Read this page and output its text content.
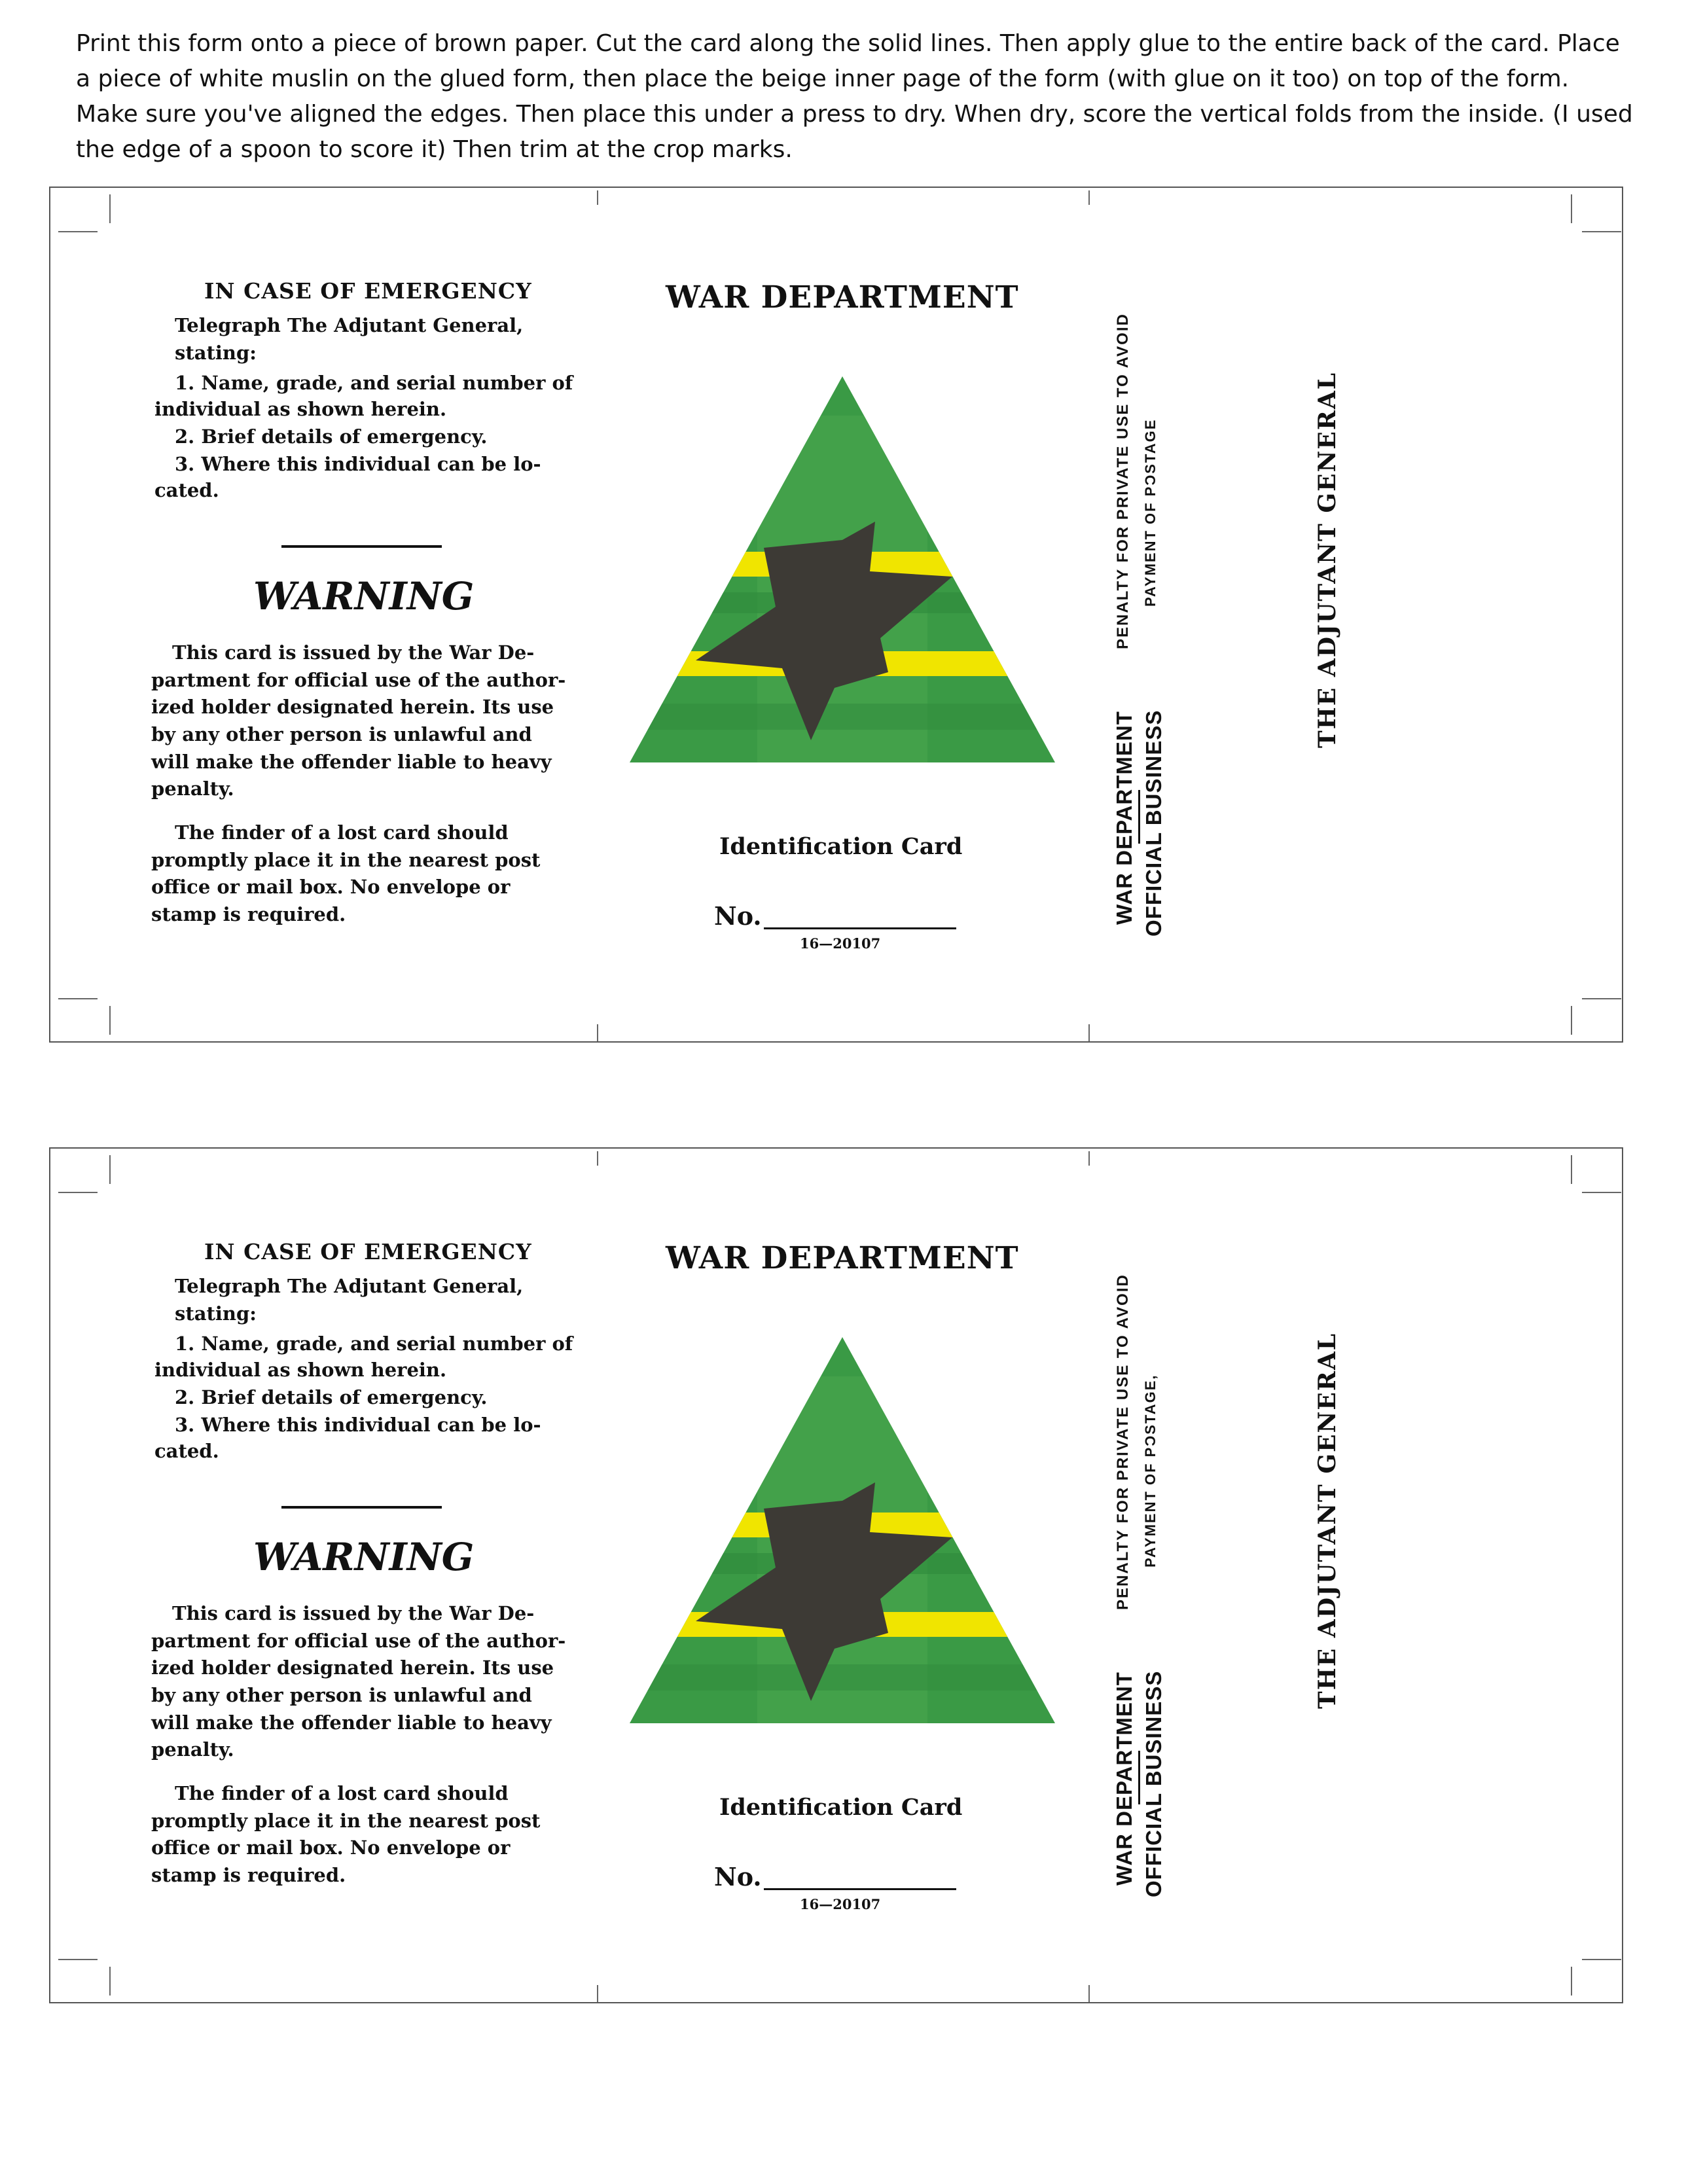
Print this form onto a piece of brown paper. Cut the card along the solid lines. Then apply glue to the entire back of the card. Place a piece of white muslin on the glued form, then place the beige inner page of the form (with glue on it too) on top of the form. Make sure you've aligned the edges. Then place this under a press to dry. When dry, score the vertical folds from the inside. (I used the edge of a spoon to score it) Then trim at the crop marks.
IN CASE OF EMERGENCY
Telegraph The Adjutant General,
stating:
1. Name, grade, and serial number of
individual as shown herein.
2. Brief details of emergency.
3. Where this individual can be lo-
cated.
WARNING
This card is issued by the War De-
partment for official use of the author-
ized holder designated herein. Its use
by any other person is unlawful and
will make the offender liable to heavy
penalty.
The finder of a lost card should
promptly place it in the nearest post
office or mail box. No envelope or
stamp is required.
WAR DEPARTMENT
Identification Card
No.
16—20107
PENALTY FOR PRIVATE USE TO AVOID PAYMENT OF PƆSTAGE
WAR DEPARTMENT OFFICIAL BUSINESS
THE ADJUTANT GENERAL
IN CASE OF EMERGENCY
Telegraph The Adjutant General,
stating:
1. Name, grade, and serial number of
individual as shown herein.
2. Brief details of emergency.
3. Where this individual can be lo-
cated.
WARNING
This card is issued by the War De-
partment for official use of the author-
ized holder designated herein. Its use
by any other person is unlawful and
will make the offender liable to heavy
penalty.
The finder of a lost card should
promptly place it in the nearest post
office or mail box. No envelope or
stamp is required.
WAR DEPARTMENT
Identification Card
No.
16—20107
PENALTY FOR PRIVATE USE TO AVOID PAYMENT OF PƆSTAGE,
WAR DEPARTMENT OFFICIAL BUSINESS
THE ADJUTANT GENERAL
